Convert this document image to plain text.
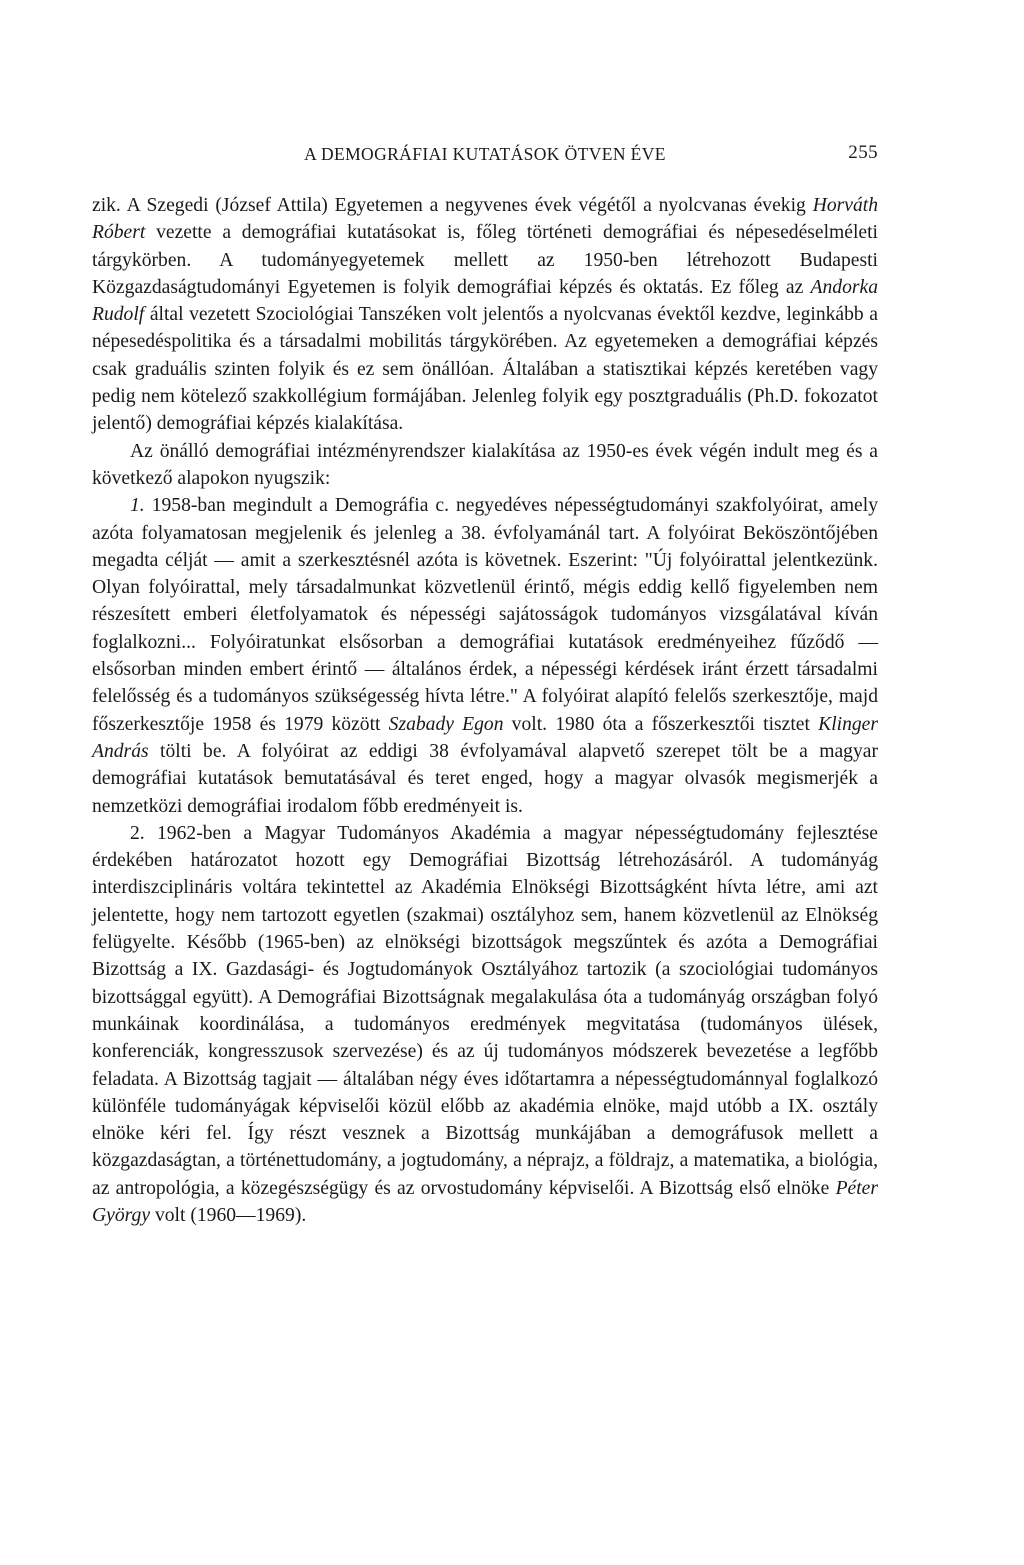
A DEMOGRÁFIAI KUTATÁSOK ÖTVEN ÉVE	255

zik. A Szegedi (József Attila) Egyetemen a negyvenes évek végétől a nyolcvanas évekig Horváth Róbert vezette a demográfiai kutatásokat is, főleg történeti demográfiai és népesedéselméleti tárgykörben. A tudományegyetemek mellett az 1950-ben létrehozott Budapesti Közgazdaságtudományi Egyetemen is folyik demográfiai képzés és oktatás. Ez főleg az Andorka Rudolf által vezetett Szociológiai Tanszéken volt jelentős a nyolcvanas évektől kezdve, leginkább a népesedéspolitika és a társadalmi mobilitás tárgykörében. Az egyetemeken a demográfiai képzés csak graduális szinten folyik és ez sem önállóan. Általában a statisztikai képzés keretében vagy pedig nem kötelező szakkollégium formájában. Jelenleg folyik egy posztgraduális (Ph.D. fokozatot jelentő) demográfiai képzés kialakítása.

Az önálló demográfiai intézményrendszer kialakítása az 1950-es évek végén indult meg és a következő alapokon nyugszik:

1. 1958-ban megindult a Demográfia c. negyedéves népességtudományi szakfolyóirat, amely azóta folyamatosan megjelenik és jelenleg a 38. évfolyamánál tart. A folyóirat Beköszöntőjében megadta célját — amit a szerkesztésnél azóta is követnek. Eszerint: "Új folyóirattal jelentkezünk. Olyan folyóirattal, mely társadalmunkat közvetlenül érintő, mégis eddig kellő figyelemben nem részesített emberi életfolyamatok és népességi sajátosságok tudományos vizsgálatával kíván foglalkozni... Folyóiratunkat elsősorban a demográfiai kutatások eredményeihez fűződő — elsősorban minden embert érintő — általános érdek, a népességi kérdések iránt érzett társadalmi felelősség és a tudományos szükségesség hívta létre." A folyóirat alapító felelős szerkesztője, majd főszerkesztője 1958 és 1979 között Szabady Egon volt. 1980 óta a főszerkesztői tisztet Klinger András tölti be. A folyóirat az eddigi 38 évfolyamával alapvető szerepet tölt be a magyar demográfiai kutatások bemutatásával és teret enged, hogy a magyar olvasók megismerjék a nemzetközi demográfiai irodalom főbb eredményeit is.

2. 1962-ben a Magyar Tudományos Akadémia a magyar népességtudomány fejlesztése érdekében határozatot hozott egy Demográfiai Bizottság létrehozásáról. A tudományág interdiszciplináris voltára tekintettel az Akadémia Elnökségi Bizottságként hívta létre, ami azt jelentette, hogy nem tartozott egyetlen (szakmai) osztályhoz sem, hanem közvetlenül az Elnökség felügyelte. Később (1965-ben) az elnökségi bizottságok megszűntek és azóta a Demográfiai Bizottság a IX. Gazdasági- és Jogtudományok Osztályához tartozik (a szociológiai tudományos bizottsággal együtt). A Demográfiai Bizottságnak megalakulása óta a tudományág országban folyó munkáinak koordinálása, a tudományos eredmények megvitatása (tudományos ülések, konferenciák, kongresszusok szervezése) és az új tudományos módszerek bevezetése a legfőbb feladata. A Bizottság tagjait — általában négy éves időtartamra a népességtudománnyal foglalkozó különféle tudományágak képviselői közül előbb az akadémia elnöke, majd utóbb a IX. osztály elnöke kéri fel. Így részt vesznek a Bizottság munkájában a demográfusok mellett a közgazdaságtan, a történettudomány, a jogtudomány, a néprajz, a földrajz, a matematika, a biológia, az antropológia, a közegészségügy és az orvostudomány képviselői. A Bizottság első elnöke Péter György volt (1960—1969).
